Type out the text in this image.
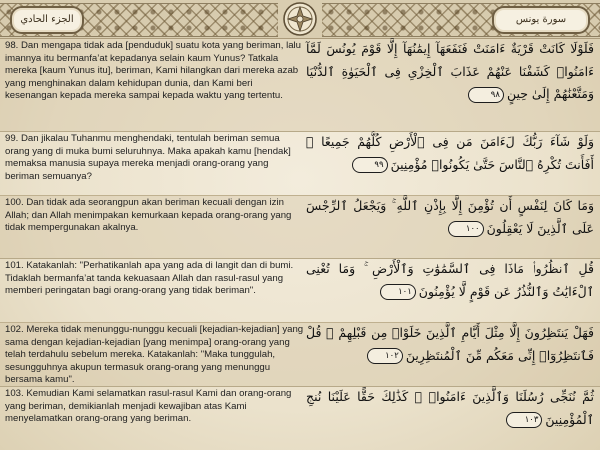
الجزء الحادي	سورة يونس
98. Dan mengapa tidak ada [penduduk] suatu kota yang beriman, lalu imannya itu bermanfa’at kepadanya selain kaum Yunus? Tatkala mereka [kaum Yunus itu], beriman, Kami hilangkan dari mereka azab yang menghinakan dalam kehidupan dunia, dan Kami beri kesenangan kepada mereka sampai kepada waktu yang tertentu.
فَلَوْلَا كَانَتْ قَرْيَةٌ ءَامَنَتْ فَنَفَعَهَآ إِيمَٰنُهَآ إِلَّا قَوْمَ يُونُسَ لَمَّآ ءَامَنُوا۟ كَشَفْنَا عَنْهُمْ عَذَابَ ٱلْخِزْىِ فِى ٱلْحَيَوٰةِ ٱلدُّنْيَا وَمَتَّعْنَٰهُمْ إِلَىٰ حِينٍ٩٨
99. Dan jikalau Tuhanmu menghendaki, tentulah beriman semua orang yang di muka bumi seluruhnya. Maka apakah kamu [hendak] memaksa manusia supaya mereka menjadi orang-orang yang beriman semuanya?
وَلَوْ شَآءَ رَبُّكَ لَءَامَنَ مَن فِى ٱلْأَرْضِ كُلُّهُمْ جَمِيعًا ۚ أَفَأَنتَ تُكْرِهُ ٱلنَّاسَ حَتَّىٰ يَكُونُوا۟ مُؤْمِنِينَ٩٩
100. Dan tidak ada seorangpun akan beriman kecuali dengan izin Allah; dan Allah menimpakan kemurkaan kepada orang-orang yang tidak mempergunakan akalnya.
وَمَا كَانَ لِنَفْسٍ أَن تُؤْمِنَ إِلَّا بِإِذْنِ ٱللَّهِ ۚ وَيَجْعَلُ ٱلرِّجْسَ عَلَى ٱلَّذِينَ لَا يَعْقِلُونَ١٠٠
101. Katakanlah: "Perhatikanlah apa yang ada di langit dan di bumi. Tidaklah bermanfa’at tanda kekuasaan Allah dan rasul-rasul yang memberi peringatan bagi orang-orang yang tidak beriman".
قُلِ ٱنظُرُوا۟ مَاذَا فِى ٱلسَّمَٰوَٰتِ وَٱلْأَرْضِ ۚ وَمَا تُغْنِى ٱلْءَايَٰتُ وَٱلنُّذُرُ عَن قَوْمٍ لَّا يُؤْمِنُونَ١٠١
102. Mereka tidak menunggu-nunggu kecuali [kejadian-kejadian] yang sama dengan kejadian-kejadian [yang menimpa] orang-orang yang telah terdahulu sebelum mereka. Katakanlah: "Maka tunggulah, sesungguhnya akupun termasuk orang-orang yang menunggu bersama kamu".
فَهَلْ يَنتَظِرُونَ إِلَّا مِثْلَ أَيَّامِ ٱلَّذِينَ خَلَوْا۟ مِن قَبْلِهِمْ ۚ قُلْ فَٱنتَظِرُوٓا۟ إِنِّى مَعَكُم مِّنَ ٱلْمُنتَظِرِينَ١٠٢
103. Kemudian Kami selamatkan rasul-rasul Kami dan orang-orang yang beriman, demikianlah menjadi kewajiban atas Kami menyelamatkan orang-orang yang beriman.
ثُمَّ نُنَجِّى رُسُلَنَا وَٱلَّذِينَ ءَامَنُوا۟ ۚ كَذَٰلِكَ حَقًّا عَلَيْنَا نُنجِ ٱلْمُؤْمِنِينَ١٠٣
